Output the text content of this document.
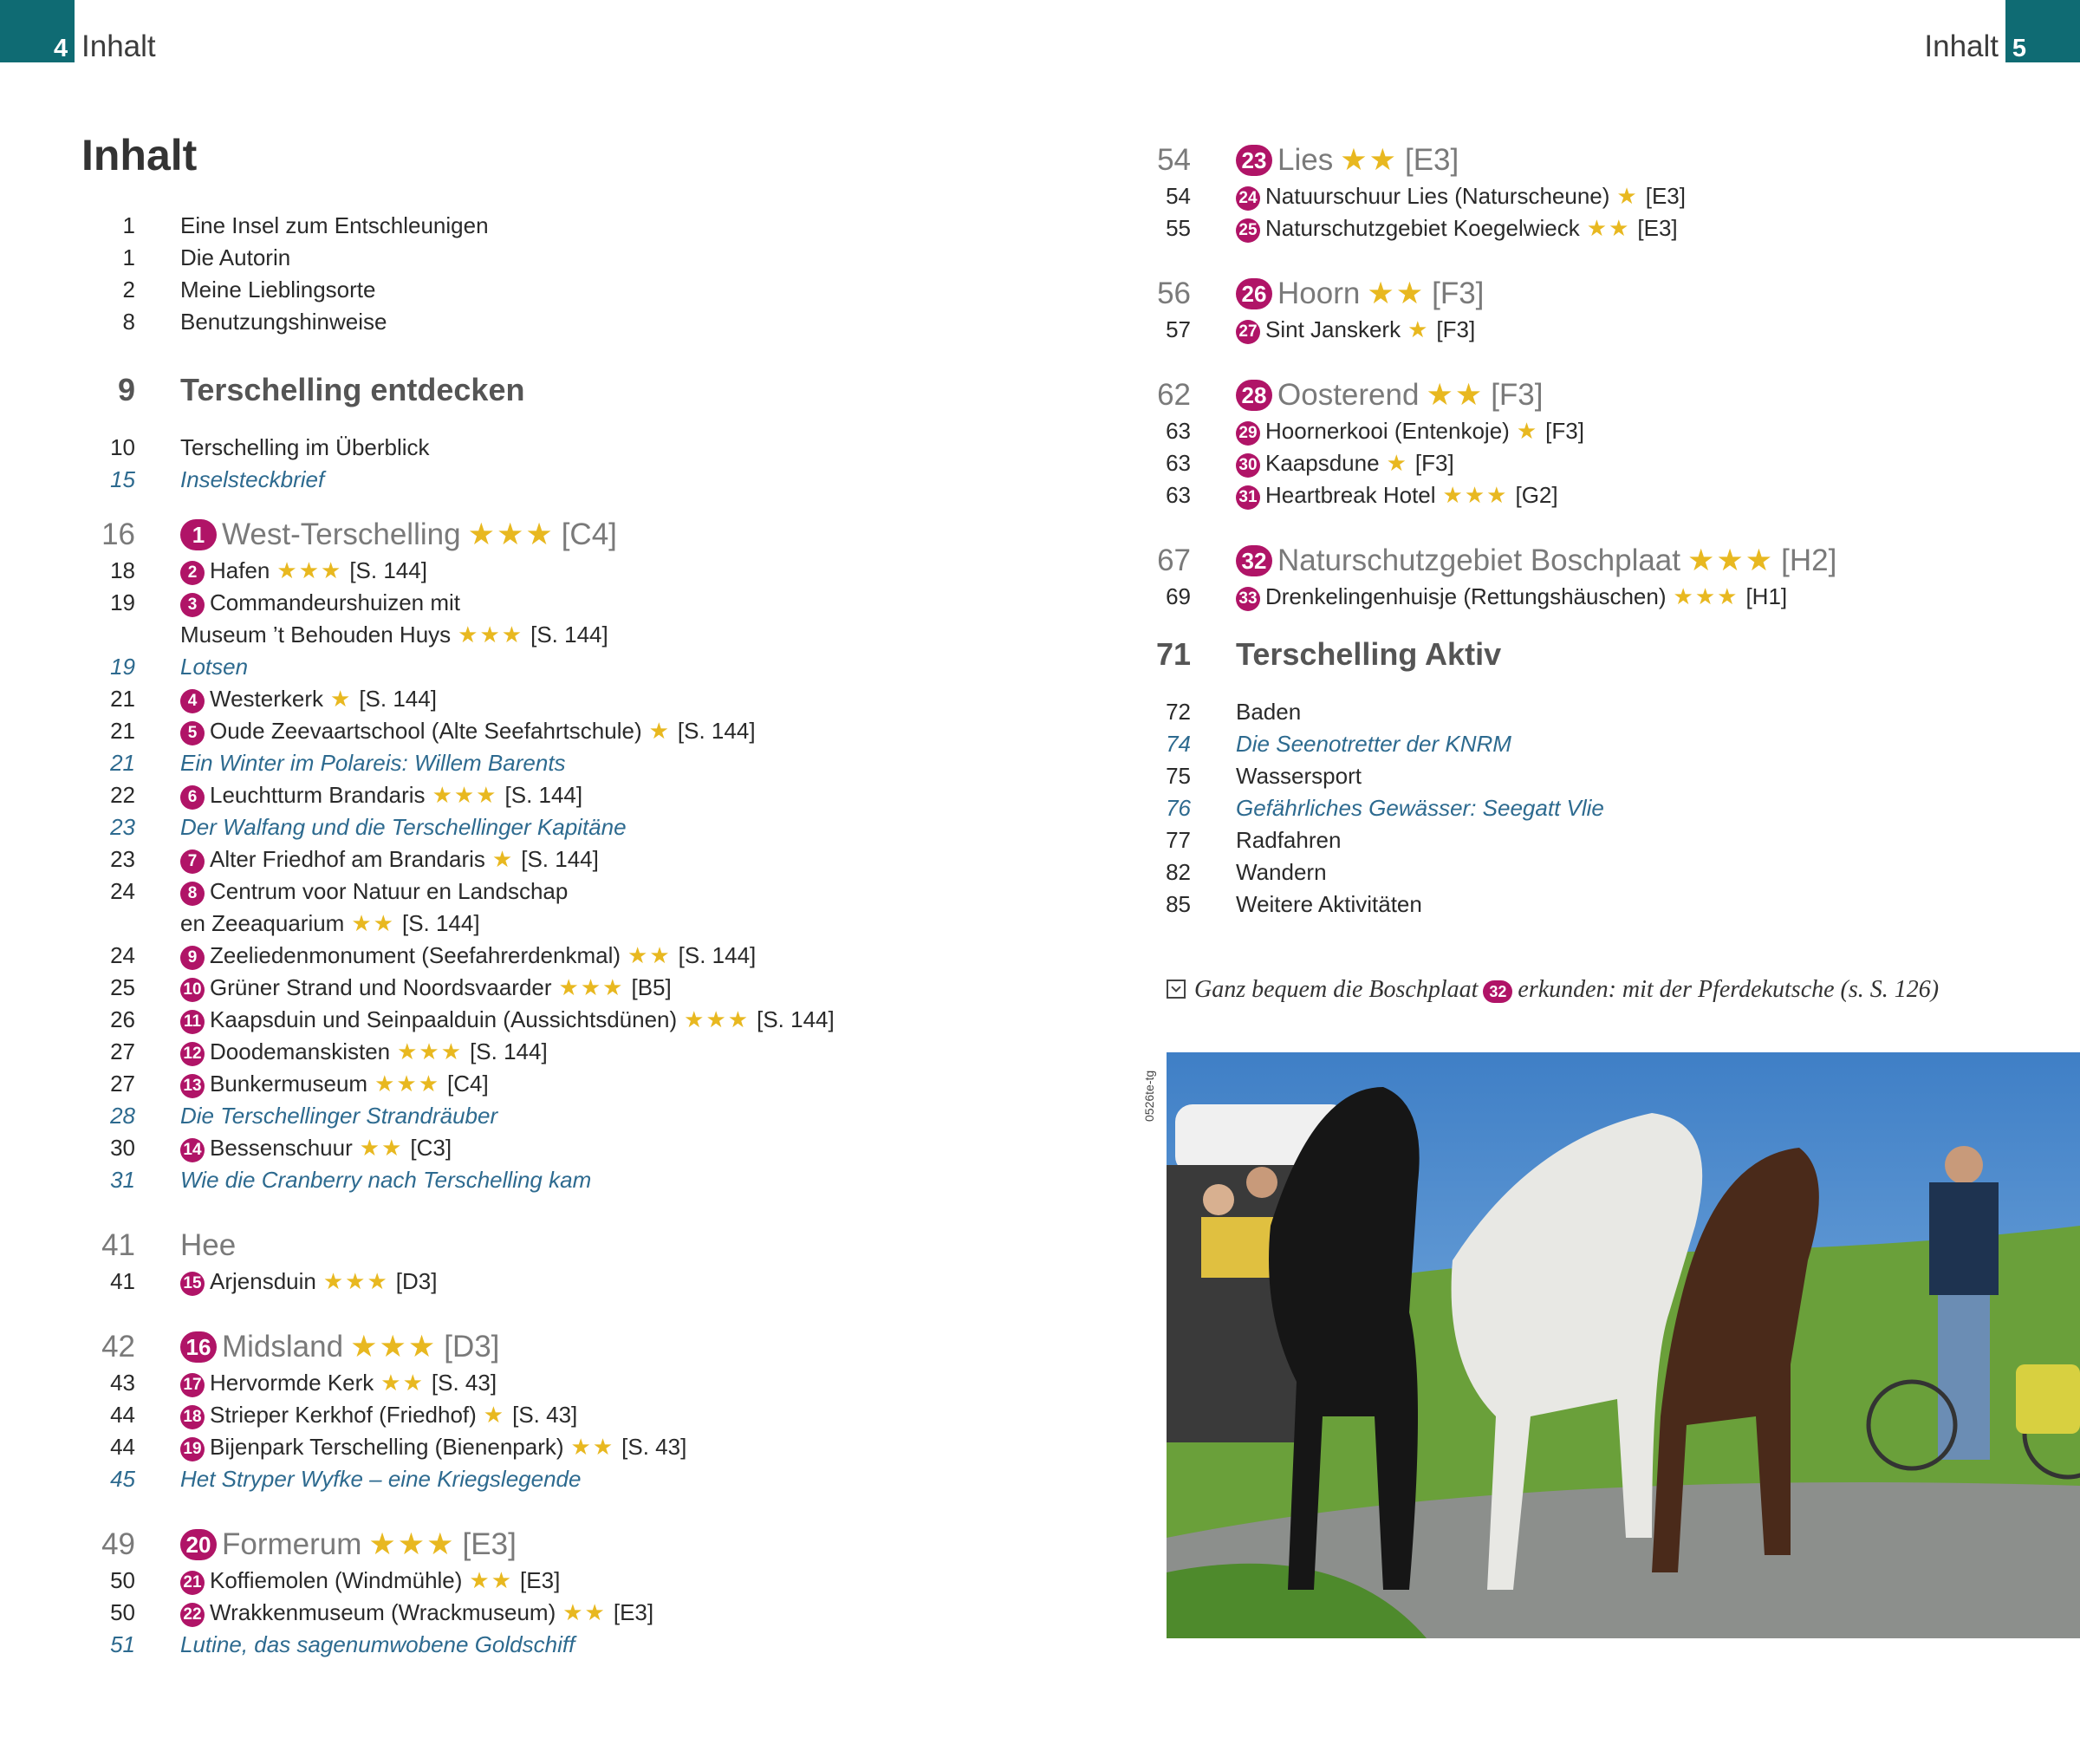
4 Inhalt	Inhalt 5
Inhalt
1 Eine Insel zum Entschleunigen
1 Die Autorin
2 Meine Lieblingsorte
8 Benutzungshinweise
9 Terschelling entdecken
10 Terschelling im Überblick
15 Inselsteckbrief
16	1 West-Terschelling ★★★ [C4]
18	2 Hafen ★★★ [S. 144]
19	3 Commandeurshuizen mit
Museum ’t Behouden Huys ★★★ [S. 144]
19 Lotsen
21	4 Westerkerk ★ [S. 144]
21	5 Oude Zeevaartschool (Alte Seefahrtschule) ★ [S. 144]
21 Ein Winter im Polareis: Willem Barents
22	6 Leuchtturm Brandaris ★★★ [S. 144]
23 Der Walfang und die Terschellinger Kapitäne
23	7 Alter Friedhof am Brandaris ★ [S. 144]
24	8 Centrum voor Natuur en Landschap
en Zeeaquarium ★★ [S. 144]
24	9 Zeeliedenmonument (Seefahrerdenkmal) ★★ [S. 144]
25	10 Grüner Strand und Noordsvaarder ★★★ [B5]
26	11 Kaapsduin und Seinpaalduin (Aussichtsdünen) ★★★ [S. 144]
27	12 Doodemanskisten ★★★ [S. 144]
27	13 Bunkermuseum ★★★ [C4]
28 Die Terschellinger Strandräuber
30	14 Bessenschuur ★★ [C3]
31 Wie die Cranberry nach Terschelling kam
41 Hee
41	15 Arjensduin ★★★ [D3]
42 16 Midsland ★★★ [D3]
43	17 Hervormde Kerk ★★ [S. 43]
44	18 Strieper Kerkhof (Friedhof) ★ [S. 43]
44	19 Bijenpark Terschelling (Bienenpark) ★★ [S. 43]
45 Het Stryper Wyfke – eine Kriegslegende
49 20 Formerum ★★★ [E3]
50	21 Koffiemolen (Windmühle) ★★ [E3]
50	22 Wrakkenmuseum (Wrackmuseum) ★★ [E3]
51 Lutine, das sagenumwobene Goldschiff
54 23 Lies ★★ [E3]
54	24 Natuurschuur Lies (Naturscheune) ★ [E3]
55	25 Naturschutzgebiet Koegelwieck ★★ [E3]
56 26 Hoorn ★★ [F3]
57	27 Sint Janskerk ★ [F3]
62 28 Oosterend ★★ [F3]
63	29 Hoornerkooi (Entenkoje) ★ [F3]
63	30 Kaapsdune ★ [F3]
63	31 Heartbreak Hotel ★★★ [G2]
67 32 Naturschutzgebiet Boschplaat ★★★ [H2]
69	33 Drenkelingenhuisje (Rettungshäuschen) ★★★ [H1]
71 Terschelling Aktiv
72 Baden
74 Die Seenotretter der KNRM
75 Wassersport
76 Gefährliches Gewässer: Seegatt Vlie
77 Radfahren
82 Wandern
85 Weitere Aktivitäten
Ganz bequem die Boschplaat 32 erkunden: mit der Pferdekutsche (s. S. 126)
0526te-tg
